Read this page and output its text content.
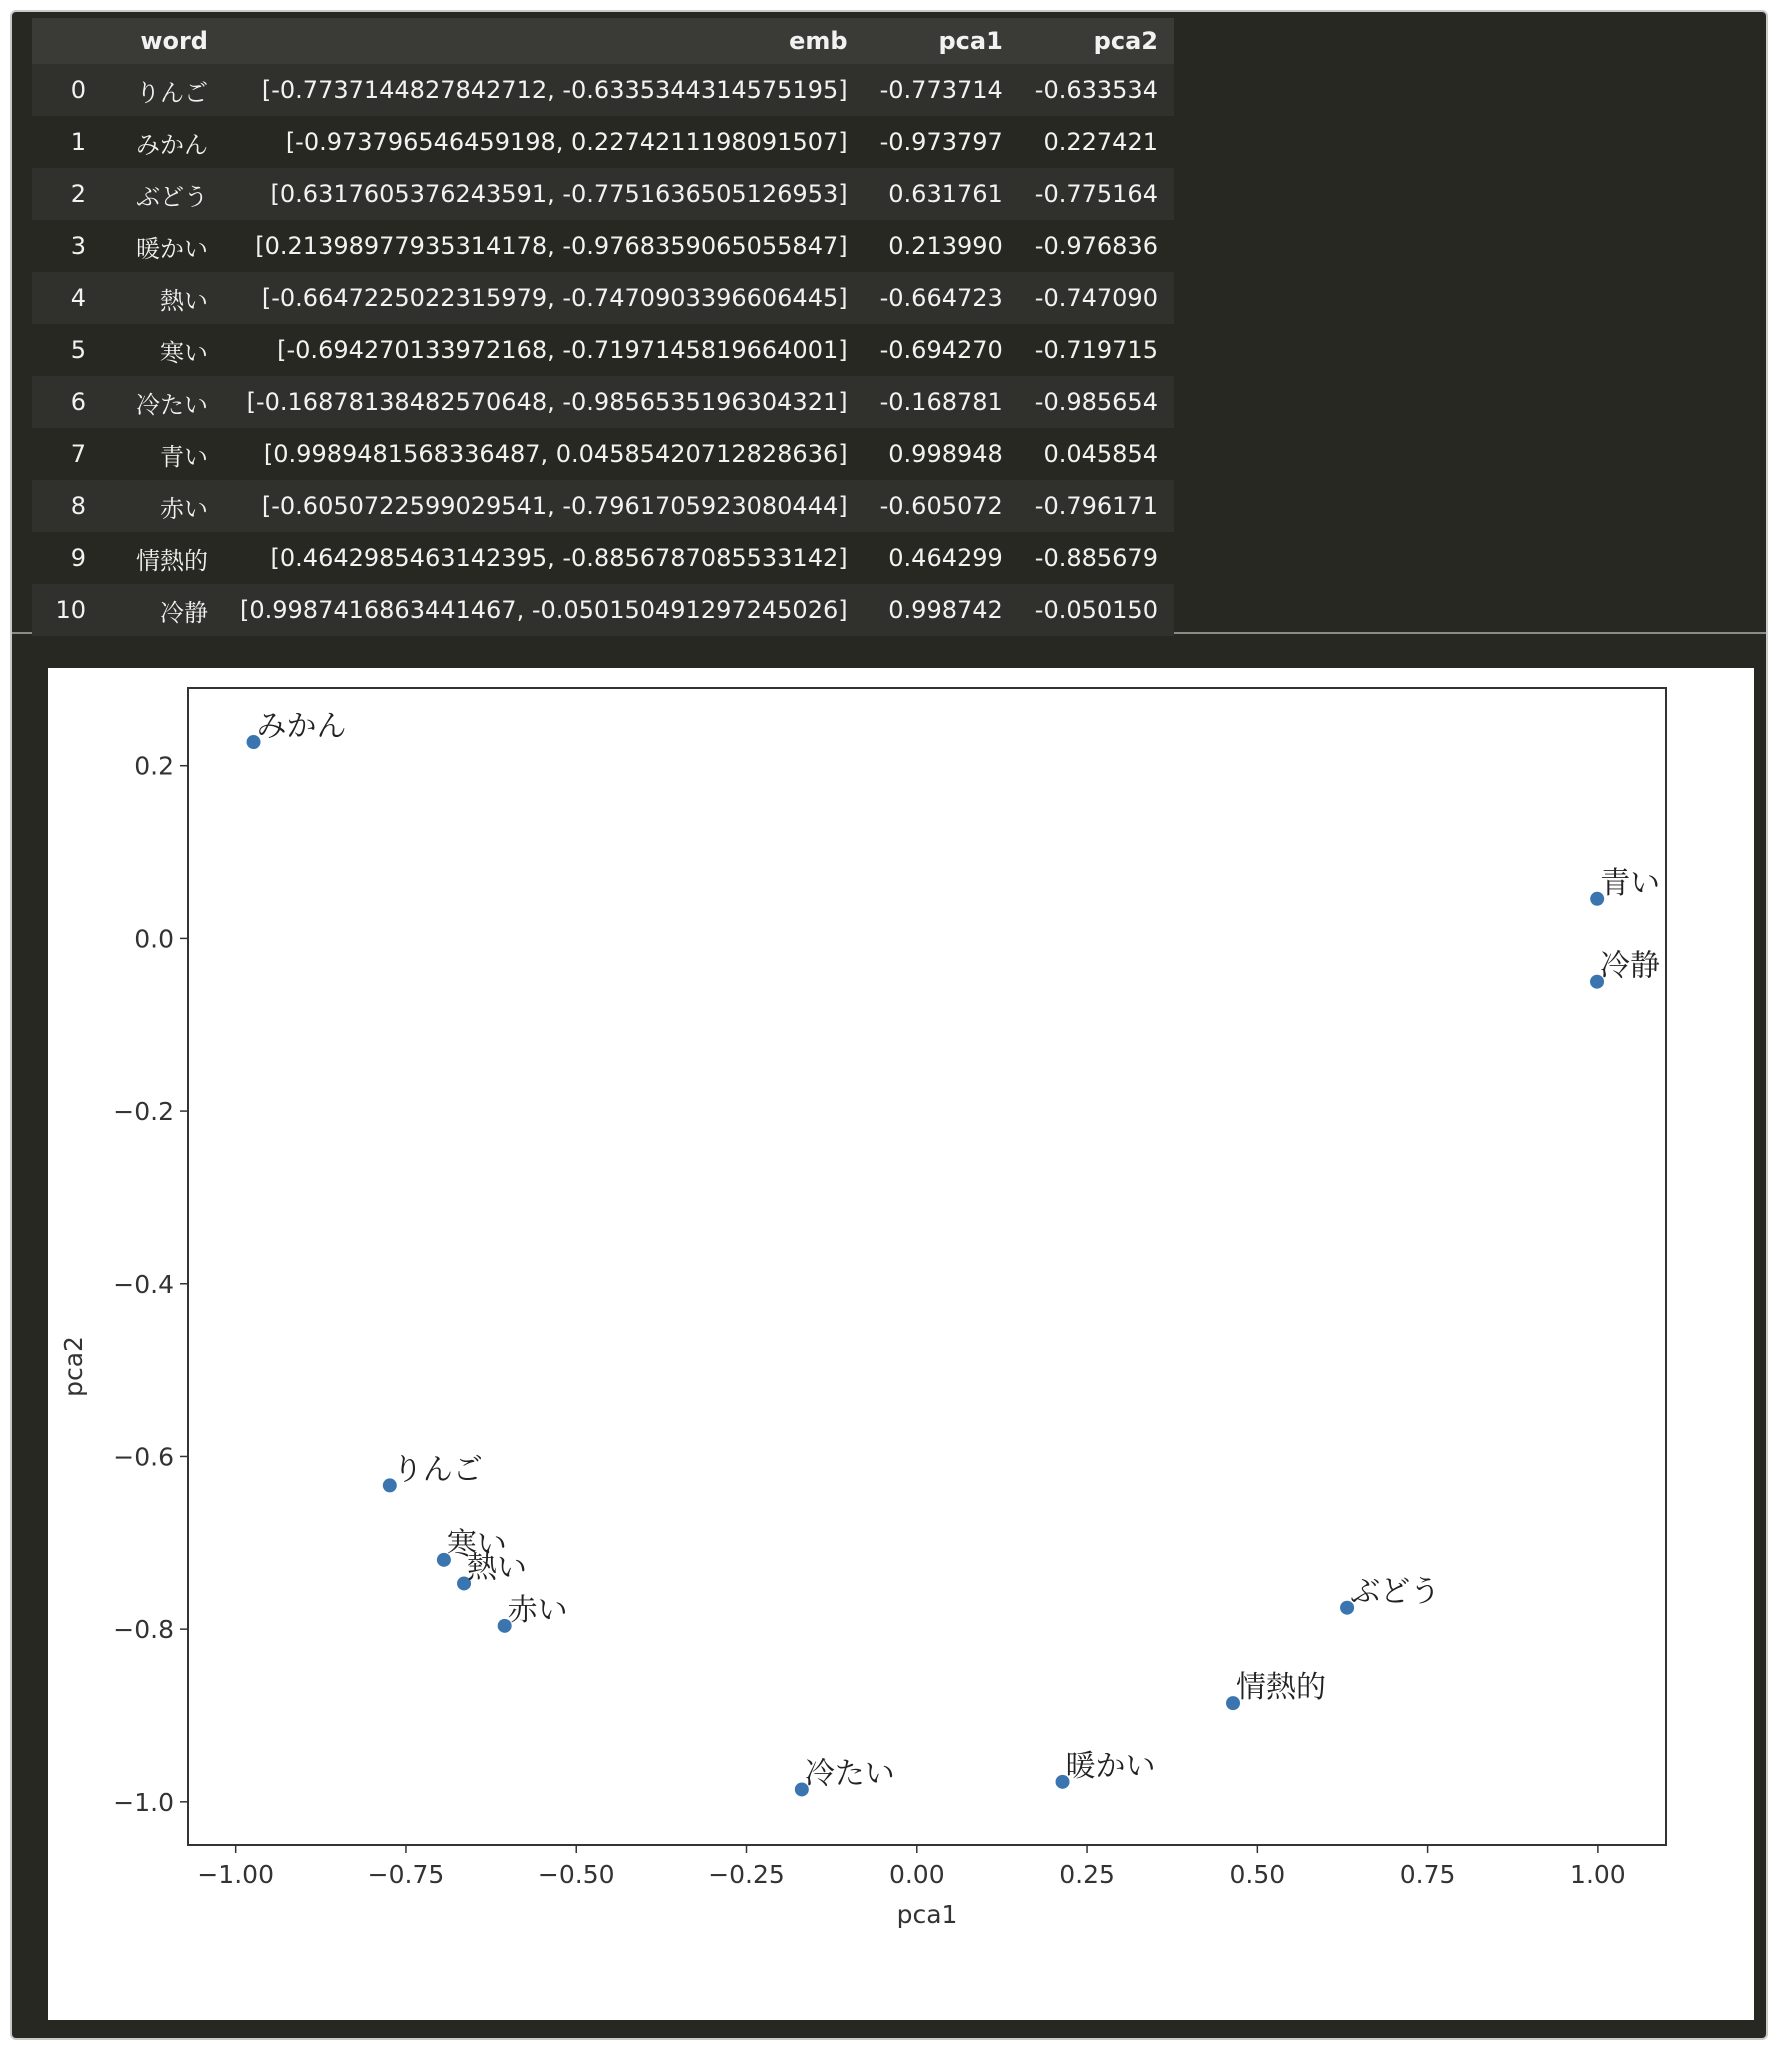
	word	emb	pca1	pca2
0	りんご	[-0.7737144827842712, -0.6335344314575195]	-0.773714	-0.633534
1	みかん	[-0.973796546459198, 0.2274211198091507]	-0.973797	0.227421
2	ぶどう	[0.6317605376243591, -0.7751636505126953]	0.631761	-0.775164
3	暖かい	[0.21398977935314178, -0.9768359065055847]	0.213990	-0.976836
4	熱い	[-0.6647225022315979, -0.7470903396606445]	-0.664723	-0.747090
5	寒い	[-0.694270133972168, -0.7197145819664001]	-0.694270	-0.719715
6	冷たい	[-0.16878138482570648, -0.9856535196304321]	-0.168781	-0.985654
7	青い	[0.9989481568336487, 0.04585420712828636]	0.998948	0.045854
8	赤い	[-0.6050722599029541, -0.7961705923080444]	-0.605072	-0.796171
9	情熱的	[0.4642985463142395, -0.8856787085533142]	0.464299	-0.885679
10	冷静	[0.9987416863441467, -0.050150491297245026]	0.998742	-0.050150
−1.00	−0.75	−0.50	−0.25	0.00	0.25	0.50	0.75	1.00
0.2
0.0
−0.2
−0.4
−0.6
−0.8
−1.0
pca1
pca2
りんご
みかん
ぶどう
暖かい
熱い
寒い
冷たい
青い
赤い
情熱的
冷静
